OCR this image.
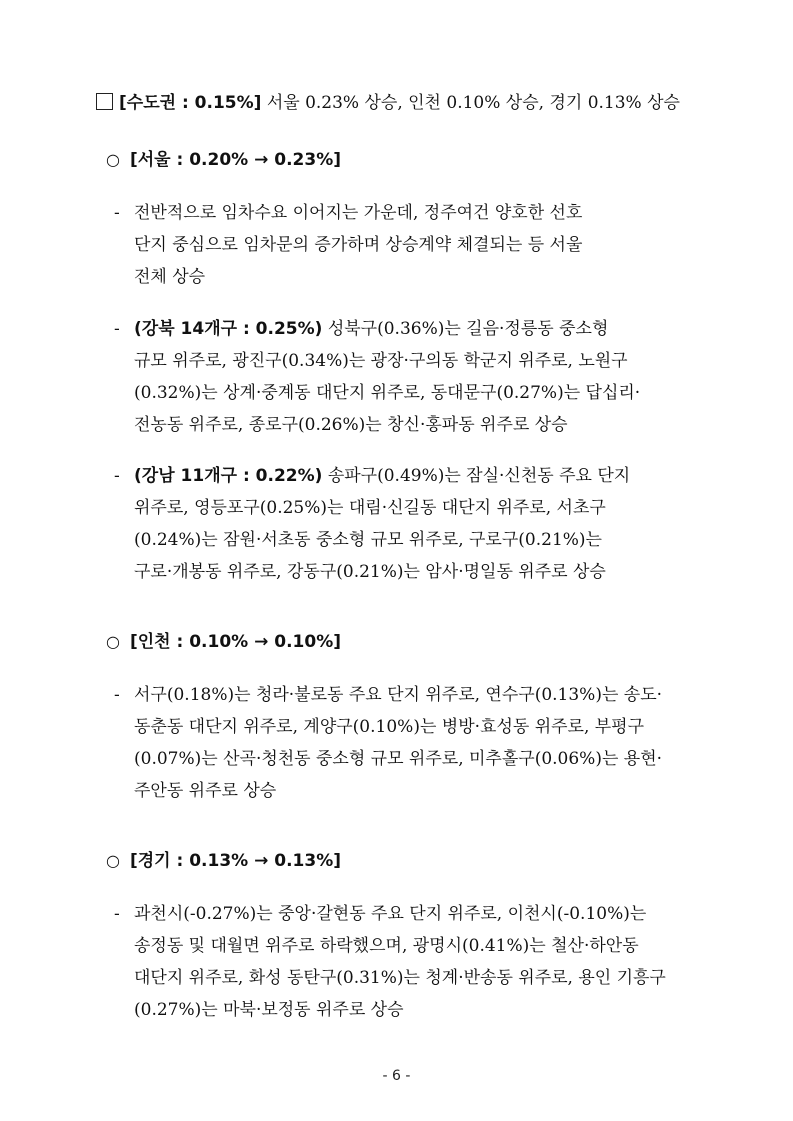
[수도권 : 0.15%] 서울 0.23% 상승, 인천 0.10% 상승, 경기 0.13% 상승
○ [서울 : 0.20% → 0.23%]
- 전반적으로 임차수요 이어지는 가운데, 정주여건 양호한 선호
단지 중심으로 임차문의 증가하며 상승계약 체결되는 등 서울
전체 상승
- (강북 14개구 : 0.25%) 성북구(0.36%)는 길음·정릉동 중소형
규모 위주로, 광진구(0.34%)는 광장·구의동 학군지 위주로, 노원구
(0.32%)는 상계·중계동 대단지 위주로, 동대문구(0.27%)는 답십리·
전농동 위주로, 종로구(0.26%)는 창신·홍파동 위주로 상승
- (강남 11개구 : 0.22%) 송파구(0.49%)는 잠실·신천동 주요 단지
위주로, 영등포구(0.25%)는 대림·신길동 대단지 위주로, 서초구
(0.24%)는 잠원·서초동 중소형 규모 위주로, 구로구(0.21%)는
구로·개봉동 위주로, 강동구(0.21%)는 암사·명일동 위주로 상승
○ [인천 : 0.10% → 0.10%]
- 서구(0.18%)는 청라·불로동 주요 단지 위주로, 연수구(0.13%)는 송도·
동춘동 대단지 위주로, 계양구(0.10%)는 병방·효성동 위주로, 부평구
(0.07%)는 산곡·청천동 중소형 규모 위주로, 미추홀구(0.06%)는 용현·
주안동 위주로 상승
○ [경기 : 0.13% → 0.13%]
- 과천시(-0.27%)는 중앙·갈현동 주요 단지 위주로, 이천시(-0.10%)는
송정동 및 대월면 위주로 하락했으며, 광명시(0.41%)는 철산·하안동
대단지 위주로, 화성 동탄구(0.31%)는 청계·반송동 위주로, 용인 기흥구
(0.27%)는 마북·보정동 위주로 상승
- 6 -
